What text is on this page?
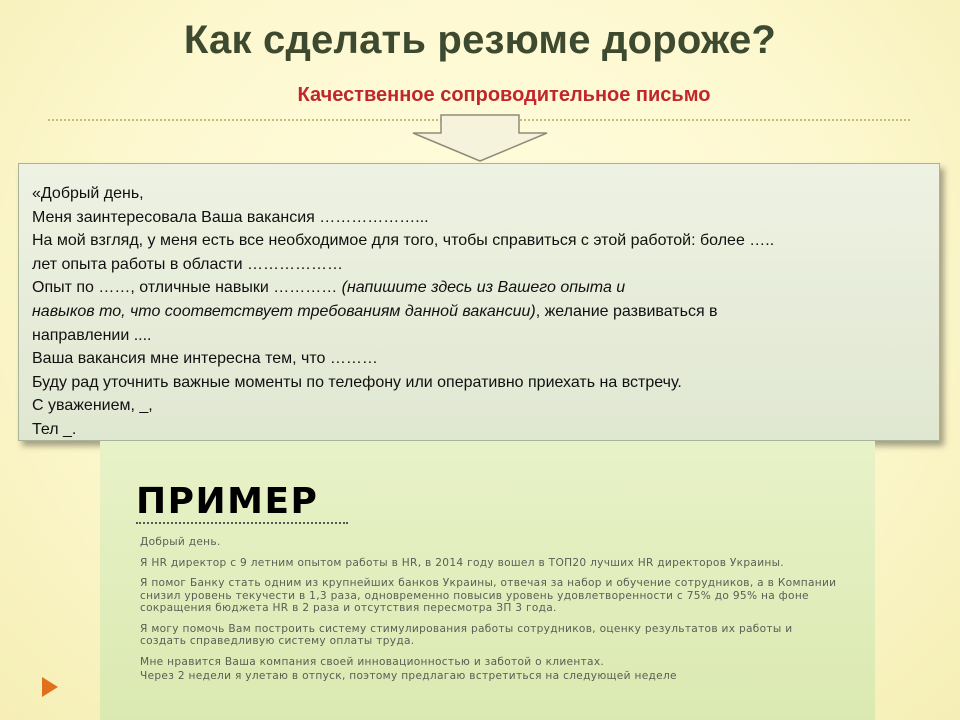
Как сделать резюме дороже?
Качественное сопроводительное письмо
«Добрый день,
Меня заинтересовала Ваша вакансия ………………...
На мой взгляд, у меня есть все необходимое для того, чтобы справиться с этой работой: более …..
лет опыта работы в области ………………
Опыт по ……, отличные навыки ………… (напишите здесь из Вашего опыта и
навыков то, что соответствует требованиям данной вакансии), желание развиваться в
направлении ....
Ваша вакансия мне интересна тем, что ………
Буду рад уточнить важные моменты по телефону или оперативно приехать на встречу.
С уважением, _,
Тел _.
ПРИМЕР

Добрый день.

Я HR директор с 9 летним опытом работы в HR, в 2014 году вошел в ТОП20 лучших HR директоров Украины.

Я помог Банку стать одним из крупнейших банков Украины, отвечая за набор и обучение сотрудников, а в Компании снизил уровень текучести в 1,3 раза, одновременно повысив уровень удовлетворенности с 75% до 95% на фоне сокращения бюджета HR в 2 раза и отсутствия пересмотра ЗП 3 года.

Я могу помочь Вам построить систему стимулирования работы сотрудников, оценку результатов их работы и создать справедливую систему оплаты труда.

Мне нравится Ваша компания своей инновационностью и заботой о клиентах.

Через 2 недели я улетаю в отпуск, поэтому предлагаю встретиться на следующей неделе
